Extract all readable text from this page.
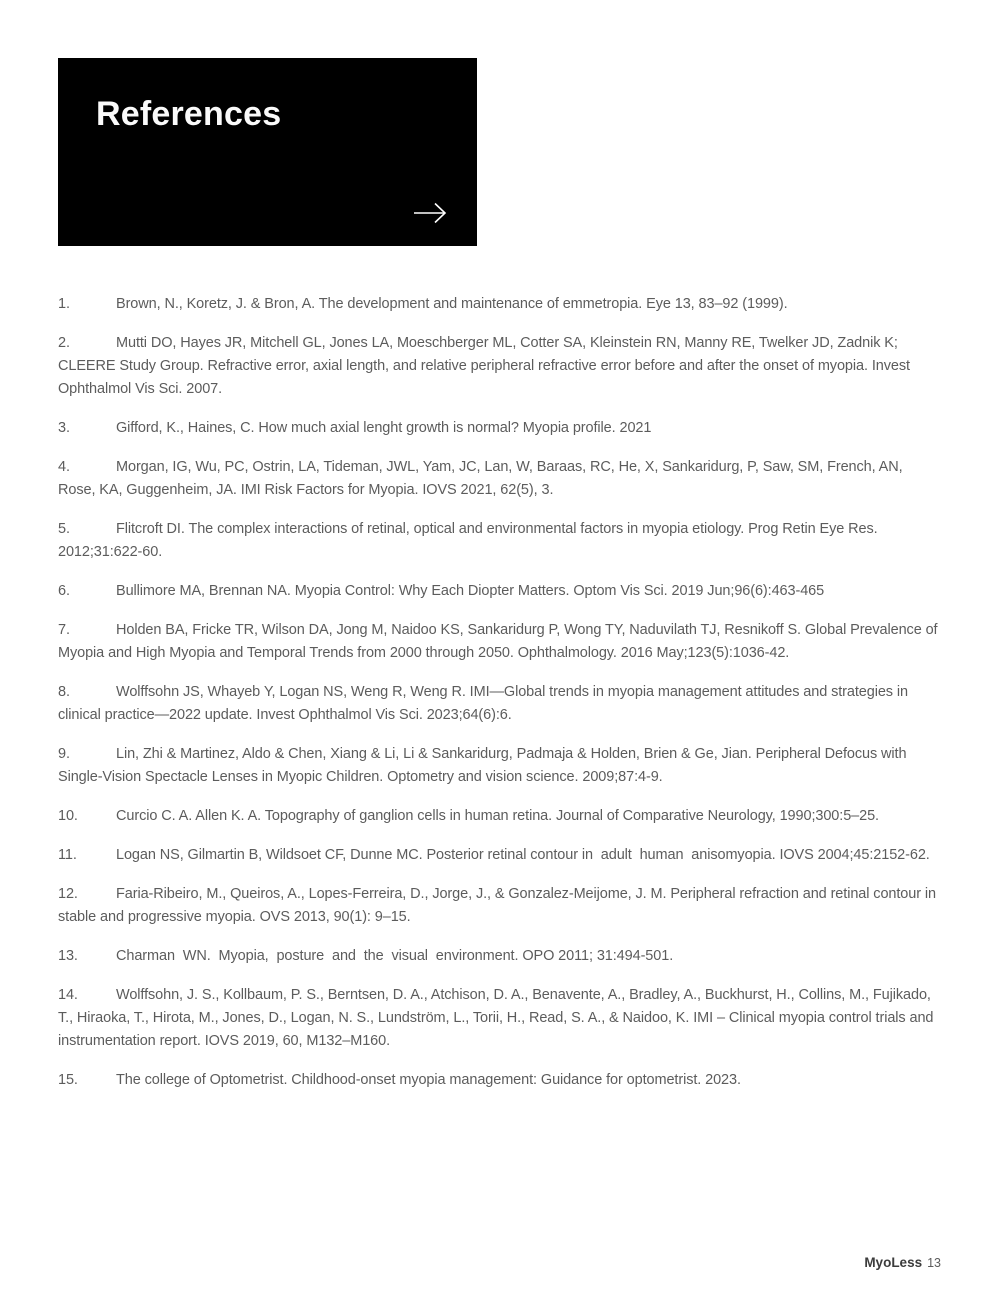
References

1.	Brown, N., Koretz, J. & Bron, A. The development and maintenance of emmetropia. Eye 13, 83–92 (1999).

2.	Mutti DO, Hayes JR, Mitchell GL, Jones LA, Moeschberger ML, Cotter SA, Kleinstein RN, Manny RE, Twelker JD, Zadnik K; CLEERE Study Group. Refractive error, axial length, and relative peripheral refractive error before and after the onset of myopia. Invest Ophthalmol Vis Sci. 2007.

3.	Gifford, K., Haines, C. How much axial lenght growth is normal? Myopia profile. 2021

4.	Morgan, IG, Wu, PC, Ostrin, LA, Tideman, JWL, Yam, JC, Lan, W, Baraas, RC, He, X, Sankaridurg, P, Saw, SM, French, AN, Rose, KA, Guggenheim, JA. IMI Risk Factors for Myopia. IOVS 2021, 62(5), 3.

5.	Flitcroft DI. The complex interactions of retinal, optical and environmental factors in myopia etiology. Prog Retin Eye Res. 2012;31:622-60.

6.	Bullimore MA, Brennan NA. Myopia Control: Why Each Diopter Matters. Optom Vis Sci. 2019 Jun;96(6):463-465

7.	Holden BA, Fricke TR, Wilson DA, Jong M, Naidoo KS, Sankaridurg P, Wong TY, Naduvilath TJ, Resnikoff S. Global Prevalence of Myopia and High Myopia and Temporal Trends from 2000 through 2050. Ophthalmology. 2016 May;123(5):1036-42.

8.	Wolffsohn JS, Whayeb Y, Logan NS, Weng R, Weng R. IMI—Global trends in myopia management attitudes and strategies in clinical practice—2022 update. Invest Ophthalmol Vis Sci. 2023;64(6):6.

9.	Lin, Zhi & Martinez, Aldo & Chen, Xiang & Li, Li & Sankaridurg, Padmaja & Holden, Brien & Ge, Jian. Peripheral Defocus with Single-Vision Spectacle Lenses in Myopic Children. Optometry and vision science. 2009;87:4-9.

10.	Curcio C. A. Allen K. A. Topography of ganglion cells in human retina. Journal of Comparative Neurology, 1990;300:5–25.

11.	Logan NS, Gilmartin B, Wildsoet CF, Dunne MC. Posterior retinal contour in  adult  human  anisomyopia. IOVS 2004;45:2152-62.

12.	Faria-Ribeiro, M., Queiros, A., Lopes-Ferreira, D., Jorge, J., & Gonzalez-Meijome, J. M. Peripheral refraction and retinal contour in stable and progressive myopia. OVS 2013, 90(1): 9–15.

13.	Charman  WN.  Myopia,  posture  and  the  visual  environment. OPO 2011; 31:494-501.

14.	Wolffsohn, J. S., Kollbaum, P. S., Berntsen, D. A., Atchison, D. A., Benavente, A., Bradley, A., Buckhurst, H., Collins, M., Fujikado, T., Hiraoka, T., Hirota, M., Jones, D., Logan, N. S., Lundström, L., Torii, H., Read, S. A., & Naidoo, K. IMI – Clinical myopia control trials and instrumentation report. IOVS 2019, 60, M132–M160.

15.	The college of Optometrist. Childhood-onset myopia management: Guidance for optometrist. 2023.

MyoLess 13
